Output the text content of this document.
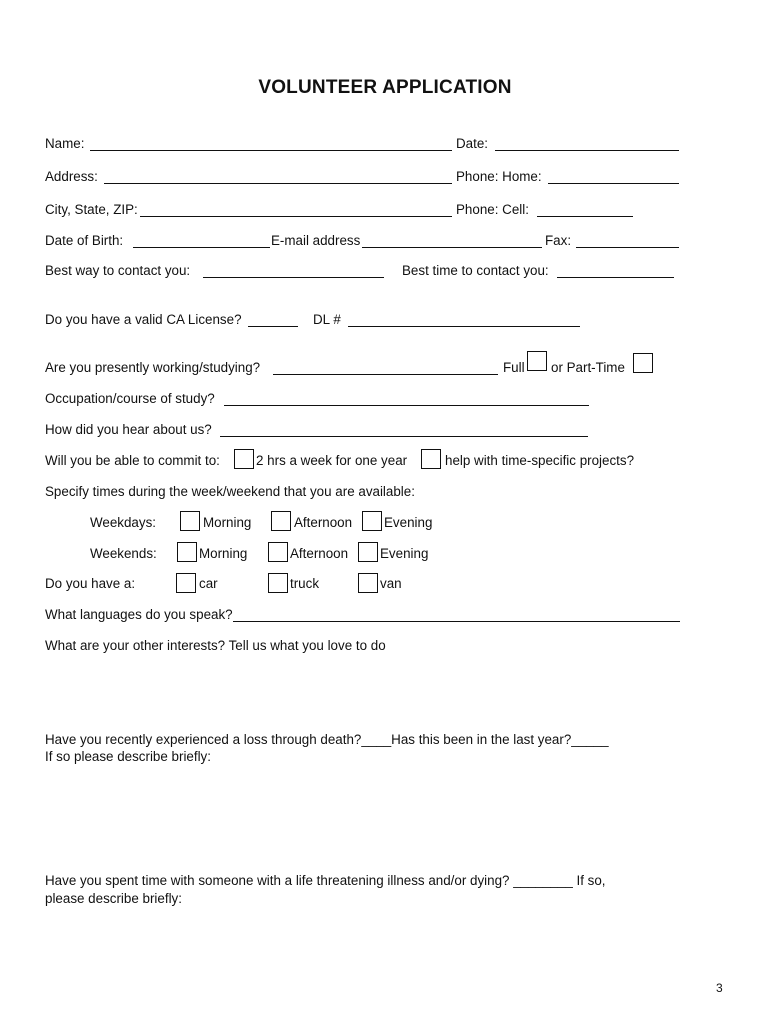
VOLUNTEER APPLICATION
Name:	Date:
Address:	Phone: Home:
City, State, ZIP:	Phone: Cell:
Date of Birth:	E-mail address	Fax:
Best way to contact you:	Best time to contact you:
Do you have a valid CA License?	DL #
Are you presently working/studying?	Full or Part-Time
Occupation/course of study?
How did you hear about us?
Will you be able to commit to:	2 hrs a week for one year	help with time-specific projects?
Specify times during the week/weekend that you are available:
Weekdays:	Morning	Afternoon Evening
Weekends:	Morning	Afternoon Evening
Do you have a:	car	truck	van
What languages do you speak?
What are your other interests? Tell us what you love to do
Have you recently experienced a loss through death?____Has this been in the last year?_____
If so please describe briefly:
Have you spent time with someone with a life threatening illness and/or dying? ________ If so,
please describe briefly:
3
